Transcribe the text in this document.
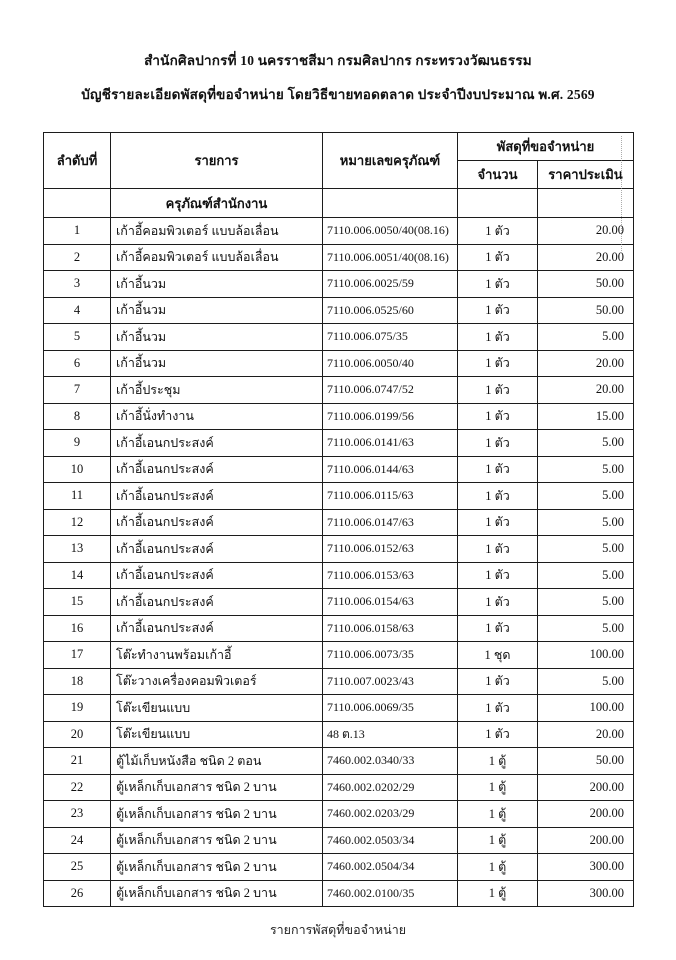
สำนักศิลปากรที่ 10 นครราชสีมา กรมศิลปากร กระทรวงวัฒนธรรม
บัญชีรายละเอียดพัสดุที่ขอจำหน่าย โดยวิธีขายทอดตลาด ประจำปีงบประมาณ พ.ศ. 2569
ลำดับที่	รายการ	หมายเลขครุภัณฑ์	พัสดุที่ขอจำหน่าย	
			จำนวน	ราคาประเมิน
	ครุภัณฑ์สำนักงาน			
1	เก้าอี้คอมพิวเตอร์ แบบล้อเลื่อน	7110.006.0050/40(08.16)	1 ตัว	20.00
2	เก้าอี้คอมพิวเตอร์ แบบล้อเลื่อน	7110.006.0051/40(08.16)	1 ตัว	20.00
3	เก้าอี้นวม	7110.006.0025/59	1 ตัว	50.00
4	เก้าอี้นวม	7110.006.0525/60	1 ตัว	50.00
5	เก้าอี้นวม	7110.006.075/35	1 ตัว	5.00
6	เก้าอี้นวม	7110.006.0050/40	1 ตัว	20.00
7	เก้าอี้ประชุม	7110.006.0747/52	1 ตัว	20.00
8	เก้าอี้นั่งทำงาน	7110.006.0199/56	1 ตัว	15.00
9	เก้าอี้เอนกประสงค์	7110.006.0141/63	1 ตัว	5.00
10	เก้าอี้เอนกประสงค์	7110.006.0144/63	1 ตัว	5.00
11	เก้าอี้เอนกประสงค์	7110.006.0115/63	1 ตัว	5.00
12	เก้าอี้เอนกประสงค์	7110.006.0147/63	1 ตัว	5.00
13	เก้าอี้เอนกประสงค์	7110.006.0152/63	1 ตัว	5.00
14	เก้าอี้เอนกประสงค์	7110.006.0153/63	1 ตัว	5.00
15	เก้าอี้เอนกประสงค์	7110.006.0154/63	1 ตัว	5.00
16	เก้าอี้เอนกประสงค์	7110.006.0158/63	1 ตัว	5.00
17	โต๊ะทำงานพร้อมเก้าอี้	7110.006.0073/35	1 ชุด	100.00
18	โต๊ะวางเครื่องคอมพิวเตอร์	7110.007.0023/43	1 ตัว	5.00
19	โต๊ะเขียนแบบ	7110.006.0069/35	1 ตัว	100.00
20	โต๊ะเขียนแบบ	48 ต.13	1 ตัว	20.00
21	ตู้ไม้เก็บหนังสือ ชนิด 2 ตอน	7460.002.0340/33	1 ตู้	50.00
22	ตู้เหล็กเก็บเอกสาร ชนิด 2 บาน	7460.002.0202/29	1 ตู้	200.00
23	ตู้เหล็กเก็บเอกสาร ชนิด 2 บาน	7460.002.0203/29	1 ตู้	200.00
24	ตู้เหล็กเก็บเอกสาร ชนิด 2 บาน	7460.002.0503/34	1 ตู้	200.00
25	ตู้เหล็กเก็บเอกสาร ชนิด 2 บาน	7460.002.0504/34	1 ตู้	300.00
26	ตู้เหล็กเก็บเอกสาร ชนิด 2 บาน	7460.002.0100/35	1 ตู้	300.00
รายการพัสดุที่ขอจำหน่าย
